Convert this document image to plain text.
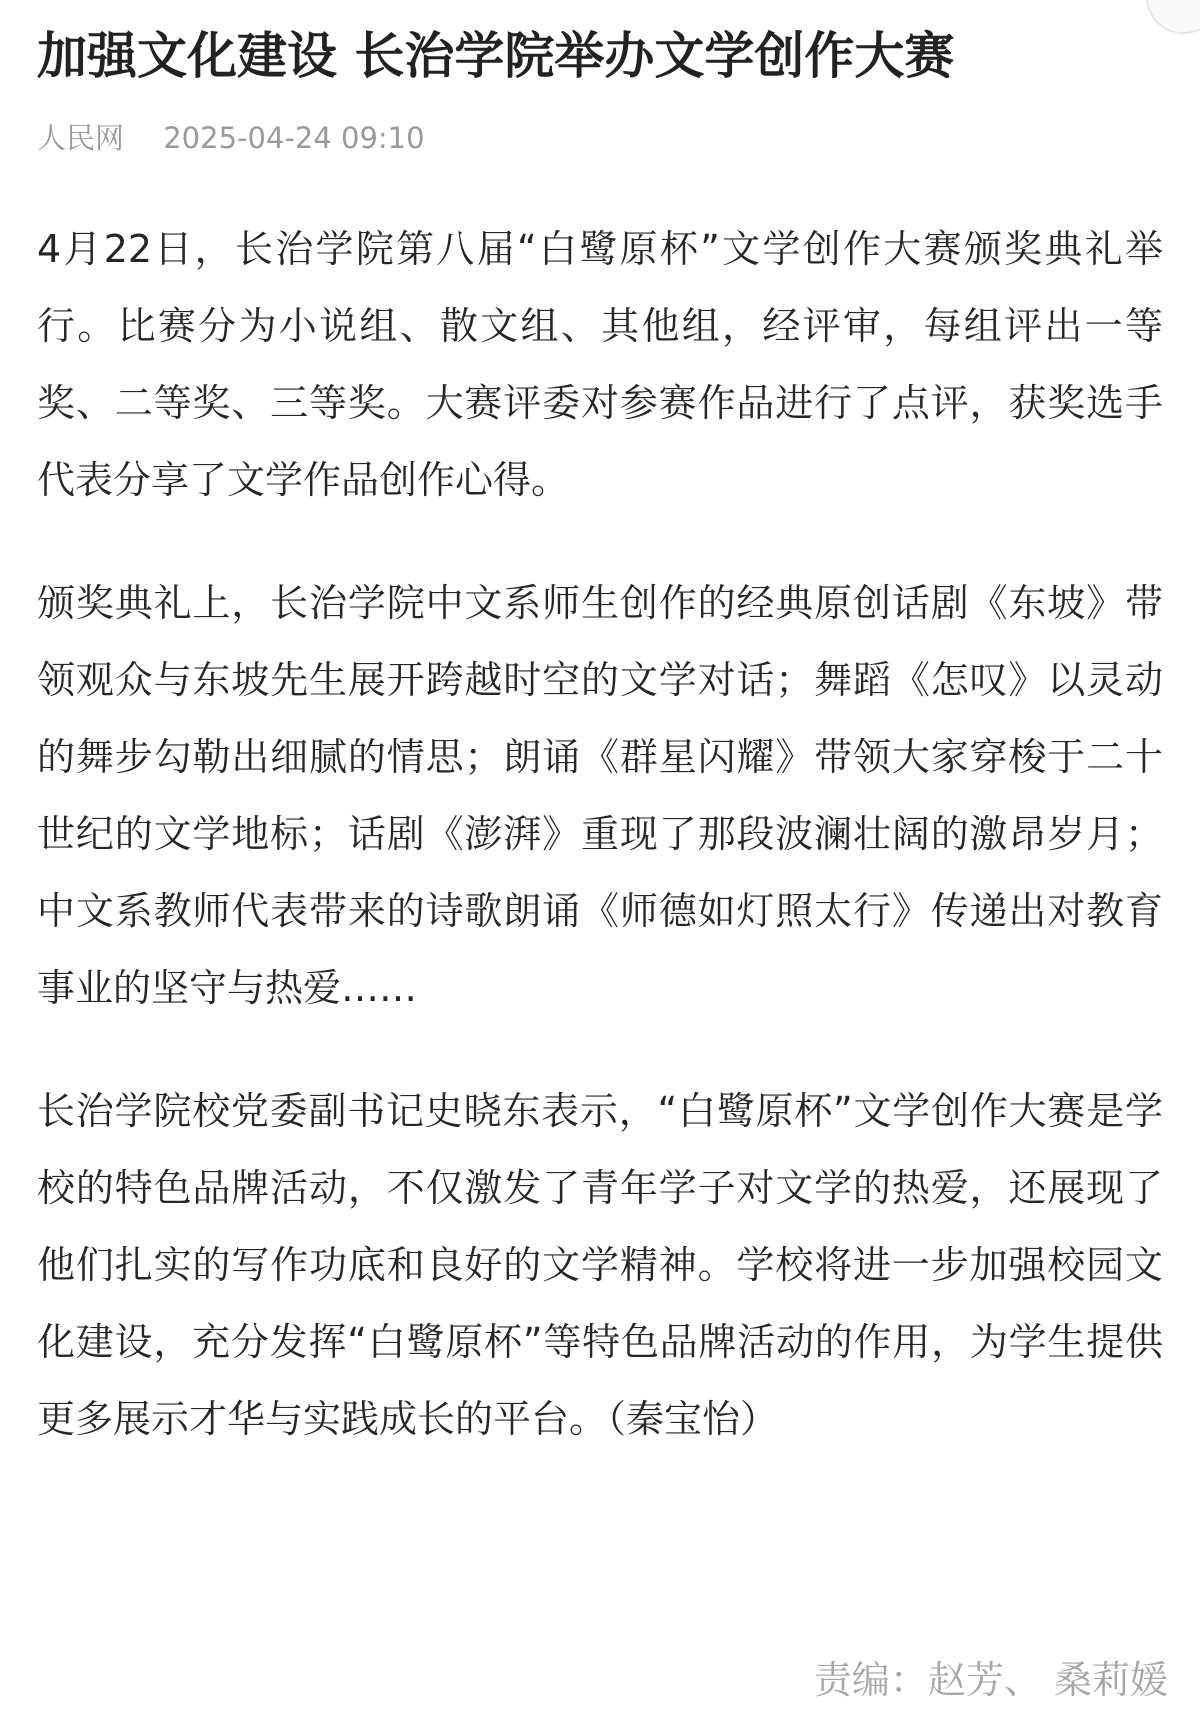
加强文化建设 长治学院举办文学创作大赛
人民网 2025-04-24 09:10

4月22日，长治学院第八届“白鹭原杯”文学创作大赛颁奖典礼举行。比赛分为小说组、散文组、其他组，经评审，每组评出一等奖、二等奖、三等奖。大赛评委对参赛作品进行了点评，获奖选手代表分享了文学作品创作心得。

颁奖典礼上，长治学院中文系师生创作的经典原创话剧《东坡》带领观众与东坡先生展开跨越时空的文学对话；舞蹈《怎叹》以灵动的舞步勾勒出细腻的情思；朗诵《群星闪耀》带领大家穿梭于二十世纪的文学地标；话剧《澎湃》重现了那段波澜壮阔的激昂岁月；中文系教师代表带来的诗歌朗诵《师德如灯照太行》传递出对教育事业的坚守与热爱……

长治学院校党委副书记史晓东表示，“白鹭原杯”文学创作大赛是学校的特色品牌活动，不仅激发了青年学子对文学的热爱，还展现了他们扎实的写作功底和良好的文学精神。学校将进一步加强校园文化建设，充分发挥“白鹭原杯”等特色品牌活动的作用，为学生提供更多展示才华与实践成长的平台。（秦宝怡）

责编：赵芳、 桑莉媛
